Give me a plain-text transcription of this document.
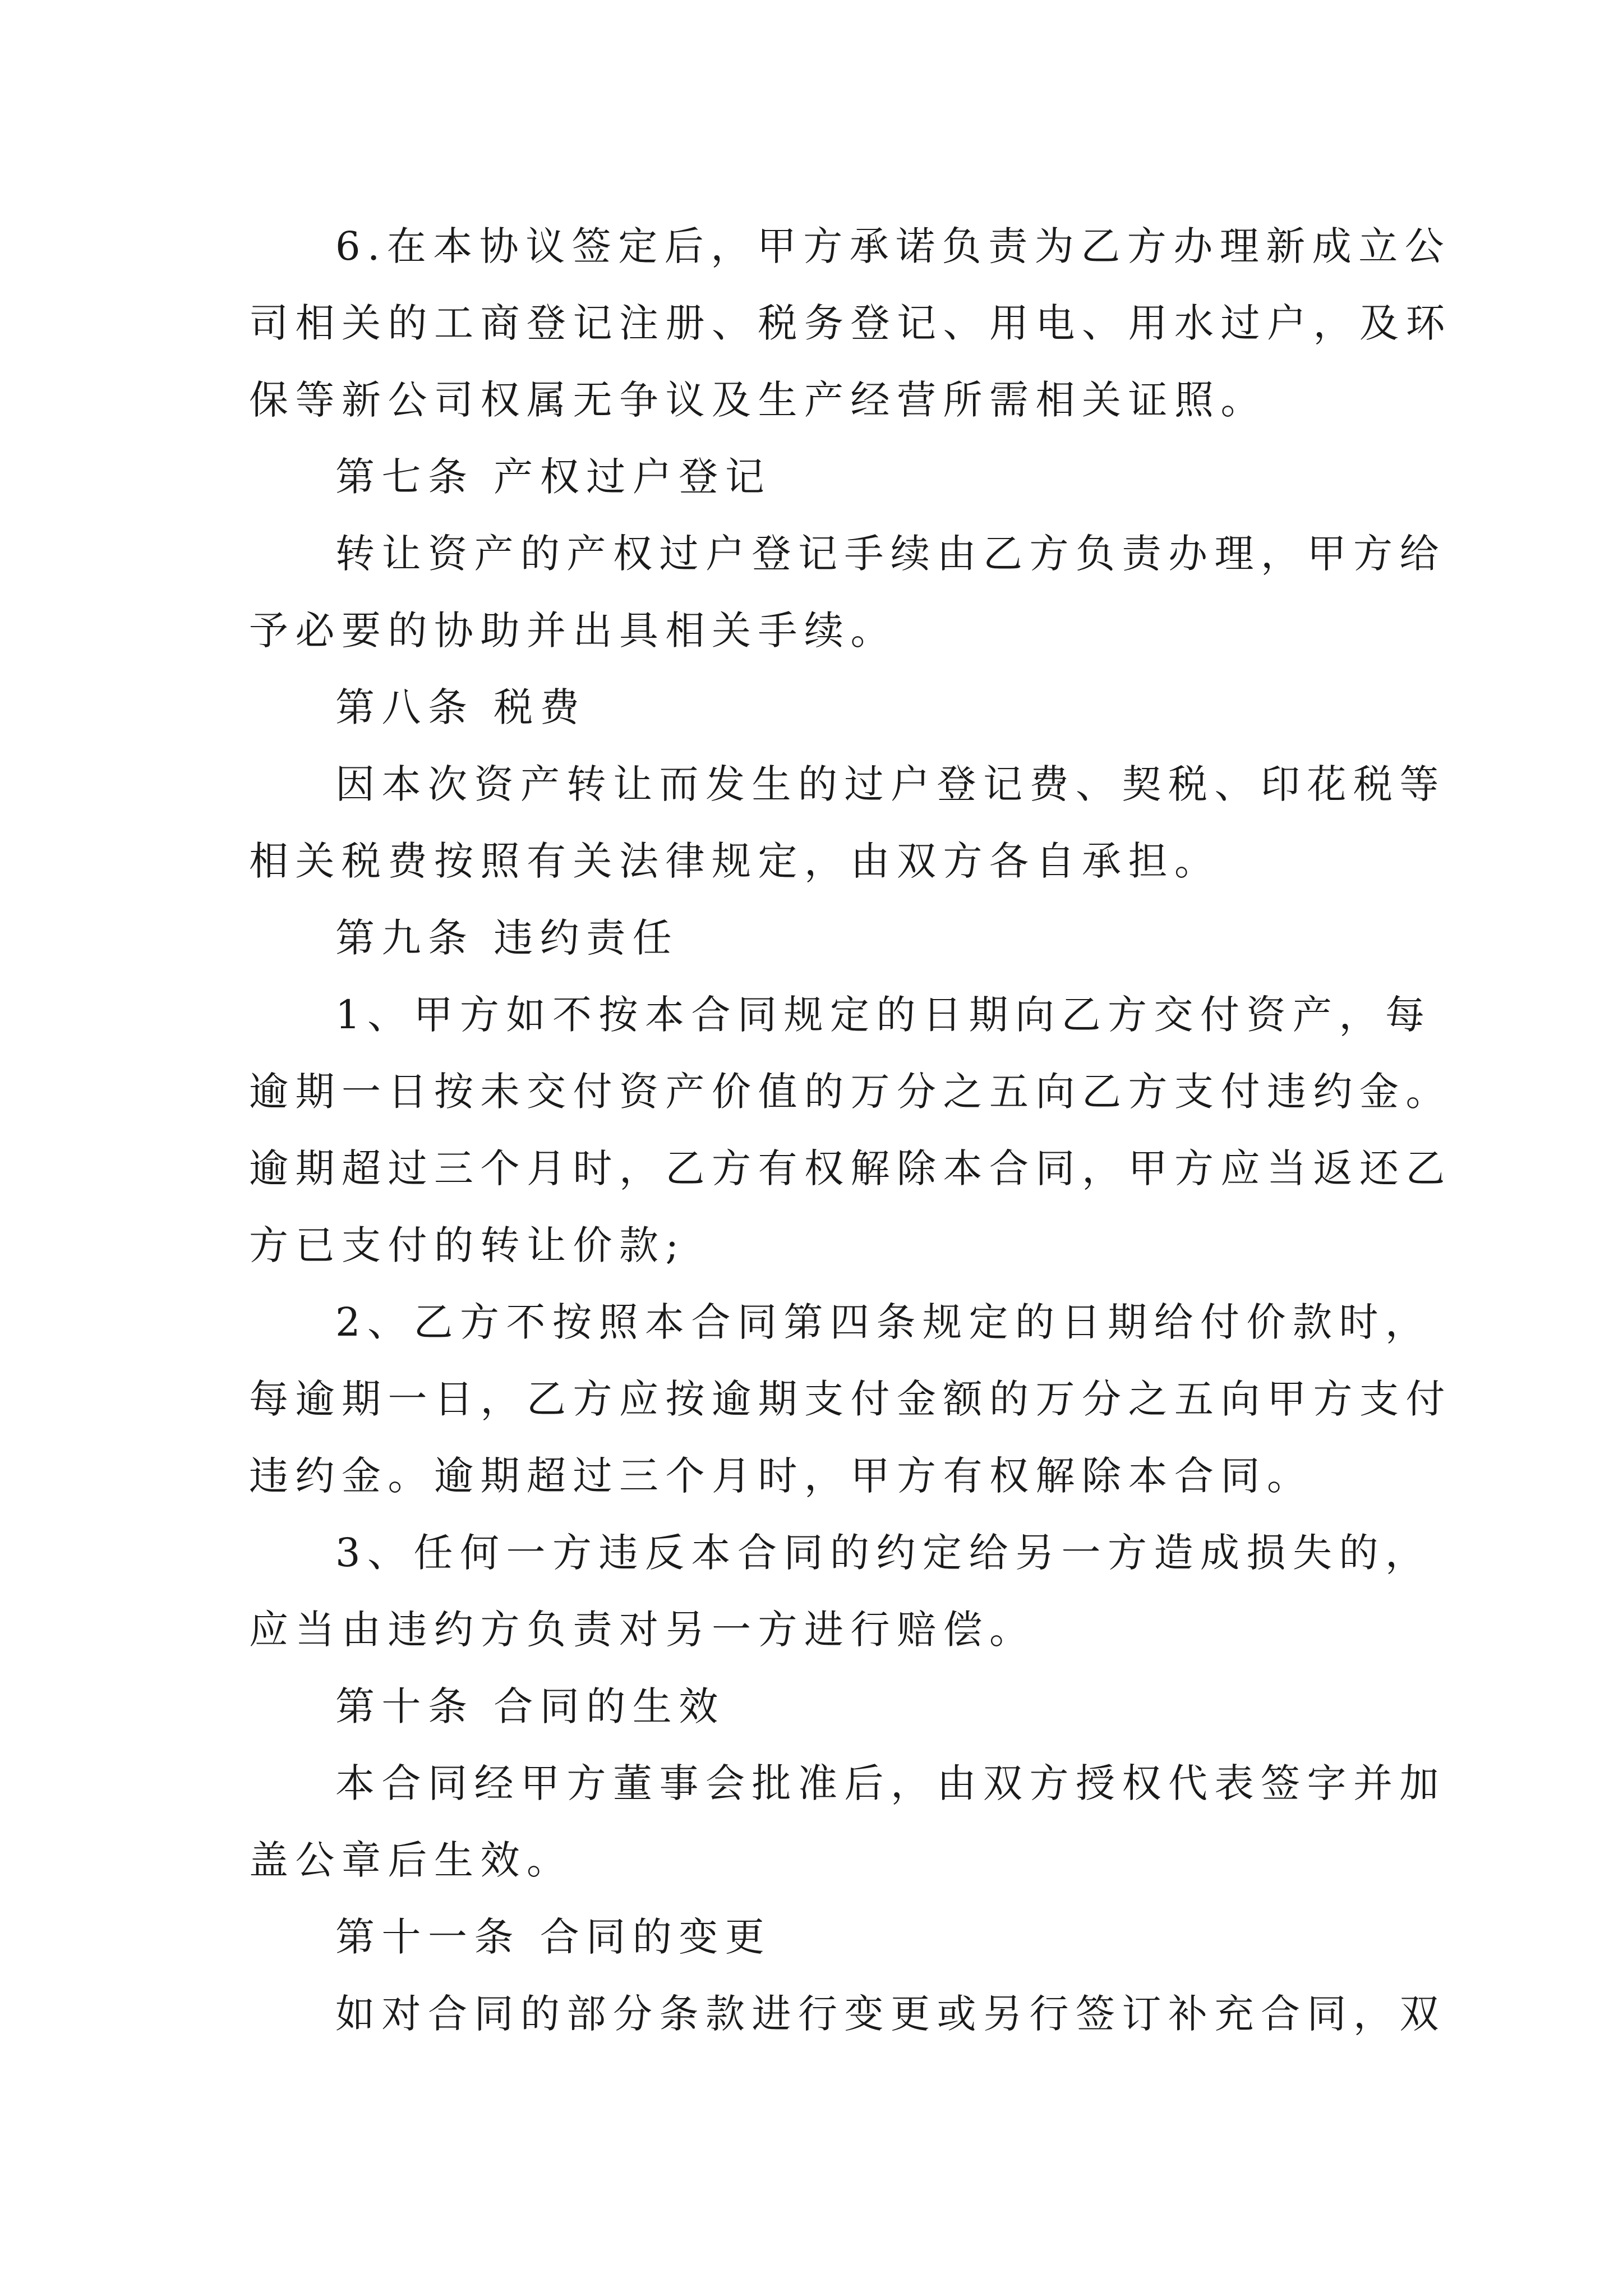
6.在本协议签定后，甲方承诺负责为乙方办理新成立公
司相关的工商登记注册、税务登记、用电、用水过户，及环
保等新公司权属无争议及生产经营所需相关证照。
第七条 产权过户登记
转让资产的产权过户登记手续由乙方负责办理，甲方给
予必要的协助并出具相关手续。
第八条 税费
因本次资产转让而发生的过户登记费、契税、印花税等
相关税费按照有关法律规定，由双方各自承担。
第九条 违约责任
1、甲方如不按本合同规定的日期向乙方交付资产，每
逾期一日按未交付资产价值的万分之五向乙方支付违约金。
逾期超过三个月时，乙方有权解除本合同，甲方应当返还乙
方已支付的转让价款;
2、乙方不按照本合同第四条规定的日期给付价款时，
每逾期一日，乙方应按逾期支付金额的万分之五向甲方支付
违约金。逾期超过三个月时，甲方有权解除本合同。
3、任何一方违反本合同的约定给另一方造成损失的，
应当由违约方负责对另一方进行赔偿。
第十条 合同的生效
本合同经甲方董事会批准后，由双方授权代表签字并加
盖公章后生效。
第十一条 合同的变更
如对合同的部分条款进行变更或另行签订补充合同，双
